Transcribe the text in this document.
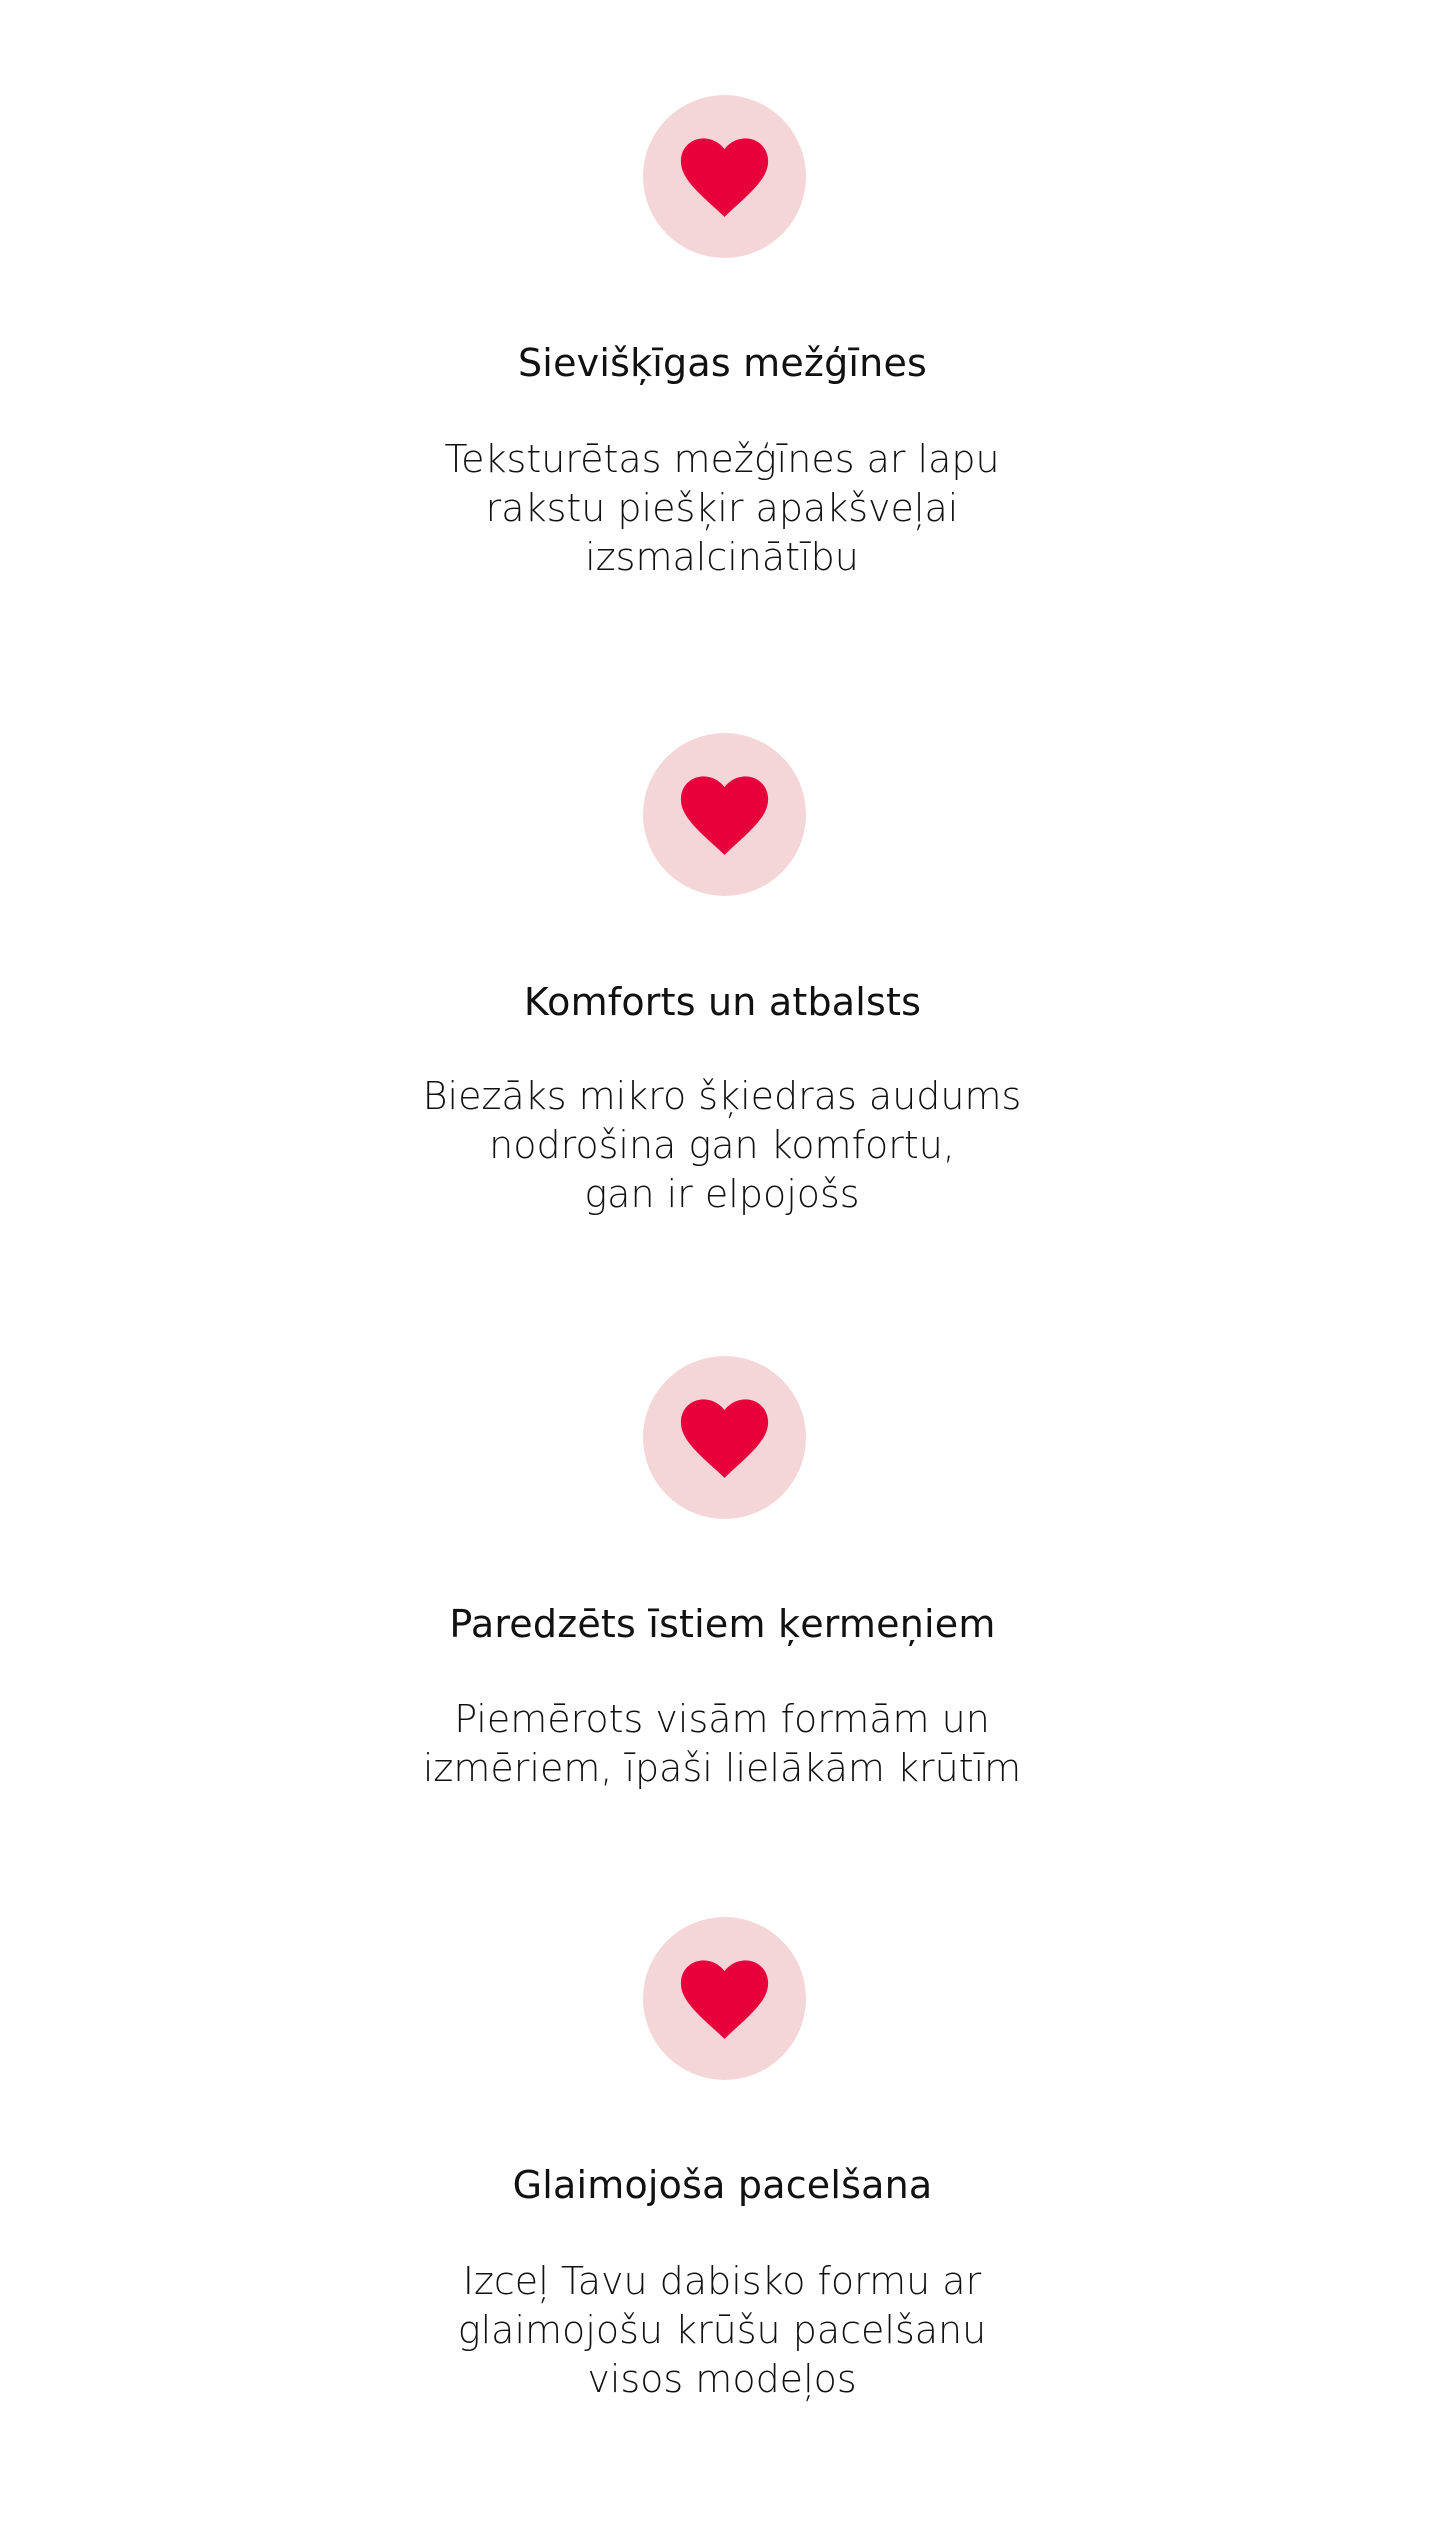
Sievišķīgas mežģīnes
Teksturētas mežģīnes ar lapu
rakstu piešķir apakšveļai
izsmalcinātību
Komforts un atbalsts
Biezāks mikro šķiedras audums
nodrošina gan komfortu,
gan ir elpojošs
Paredzēts īstiem ķermeņiem
Piemērots visām formām un
izmēriem, īpaši lielākām krūtīm
Glaimojoša pacelšana
Izceļ Tavu dabisko formu ar
glaimojošu krūšu pacelšanu
visos modeļos
